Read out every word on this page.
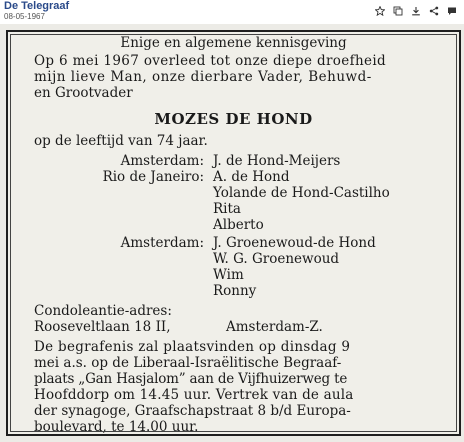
De Telegraaf
08-05-1967
Enige en algemene kennisgeving
Op 6 mei 1967 overleed tot onze diepe droefheid
mijn lieve Man, onze dierbare Vader, Behuwd-
en Grootvader
MOZES DE HOND
op de leeftijd van 74 jaar.
Amsterdam: J. de Hond-Meijers
Rio de Janeiro: A. de Hond
Yolande de Hond-Castilho
Rita
Alberto
Amsterdam: J. Groenewoud-de Hond
W. G. Groenewoud
Wim
Ronny
Condoleantie-adres:
Rooseveltlaan 18 II,	Amsterdam-Z.
De begrafenis zal plaatsvinden op dinsdag 9
mei a.s. op de Liberaal-Israëlitische Begraaf-
plaats „Gan Hasjalom” aan de Vijfhuizerweg te
Hoofddorp om 14.45 uur. Vertrek van de aula
der synagoge, Graafschapstraat 8 b/d Europa-
boulevard, te 14.00 uur.
